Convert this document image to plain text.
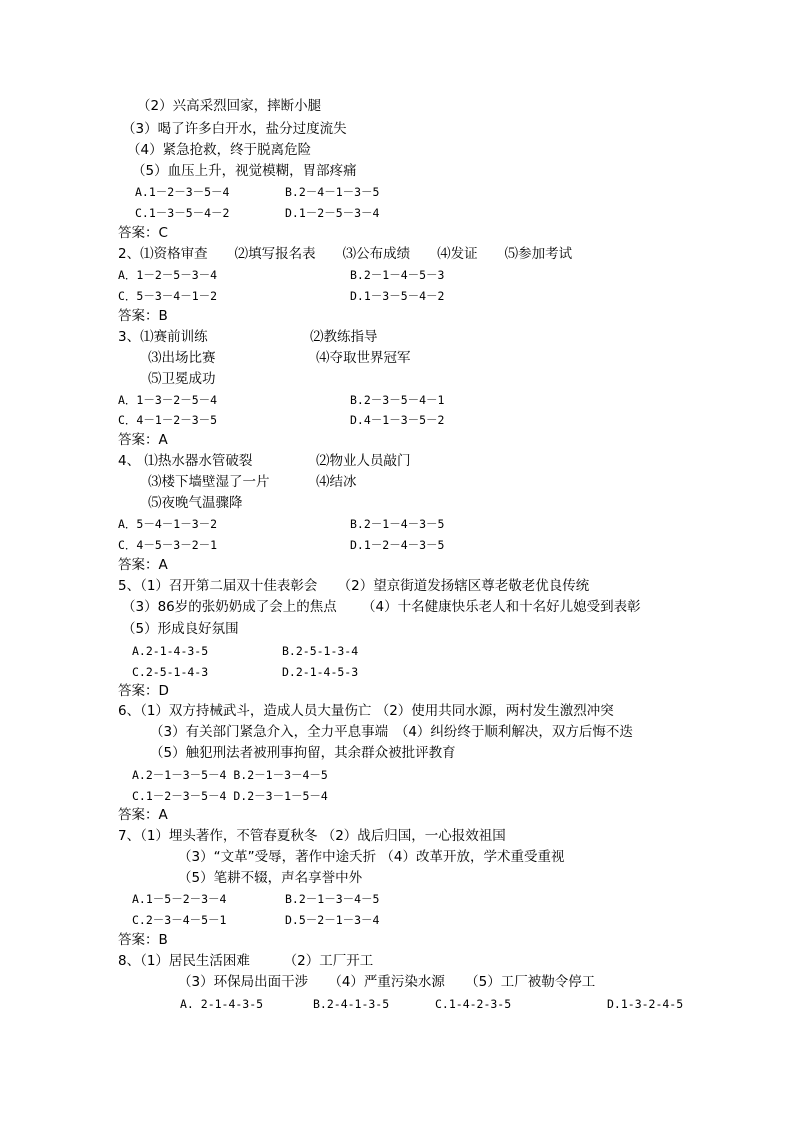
（2）兴高采烈回家，摔断小腿
（3）喝了许多白开水，盐分过度流失
（4）紧急抢救，终于脱离危险
（5）血压上升，视觉模糊，胃部疼痛
A.1－2－3－5－4	B.2－4－1－3－5
C.1－3－5－4－2	D.1－2－5－3－4
答案：C
2、⑴资格审查　　⑵填写报名表　　⑶公布成绩　　⑷发证　　⑸参加考试
A．1－2－5－3－4	B.2－1－4－5－3
C．5－3－4－1－2	D.1－3－5－4－2
答案：B
3、⑴赛前训练	⑵教练指导
⑶出场比赛	⑷夺取世界冠军
⑸卫冕成功
A．1－3－2－5－4	B.2－3－5－4－1
C．4－1－2－3－5	D.4－1－3－5－2
答案：A
4、 ⑴热水器水管破裂	⑵物业人员敲门
⑶楼下墙壁湿了一片	⑷结冰
⑸夜晚气温骤降
A．5－4－1－3－2	B.2－1－4－3－5
C．4－5－3－2－1	D.1－2－4－3－5
答案：A
5、（1）召开第二届双十佳表彰会　　（2）望京街道发扬辖区尊老敬老优良传统
（3）86岁的张奶奶成了会上的焦点 （4）十名健康快乐老人和十名好儿媳受到表彰
（5）形成良好氛围
A.2-1-4-3-5	B.2-5-1-3-4
C.2-5-1-4-3	D.2-1-4-5-3
答案：D
6、（1）双方持械武斗，造成人员大量伤亡 （2）使用共同水源，两村发生激烈冲突
（3）有关部门紧急介入，全力平息事端　（4）纠纷终于顺利解决，双方后悔不迭
（5）触犯刑法者被刑事拘留，其余群众被批评教育
A.2－1－3－5－4 B.2－1－3－4－5
C.1－2－3－5－4 D.2－3－1－5－4
答案：A
7、（1）埋头著作，不管春夏秋冬 （2）战后归国，一心报效祖国
（3）“文革”受辱，著作中途夭折 （4）改革开放，学术重受重视
（5）笔耕不辍，声名享誉中外
A.1－5－2－3－4	B.2－1－3－4－5
C.2－3－4－5－1	D.5－2－1－3－4
答案：B
8、（1）居民生活困难　　　（2）工厂开工
（3）环保局出面干涉　　（4）严重污染水源　　（5）工厂被勒令停工
A. 2-1-4-3-5	B.2-4-1-3-5	C.1-4-2-3-5	D.1-3-2-4-5
